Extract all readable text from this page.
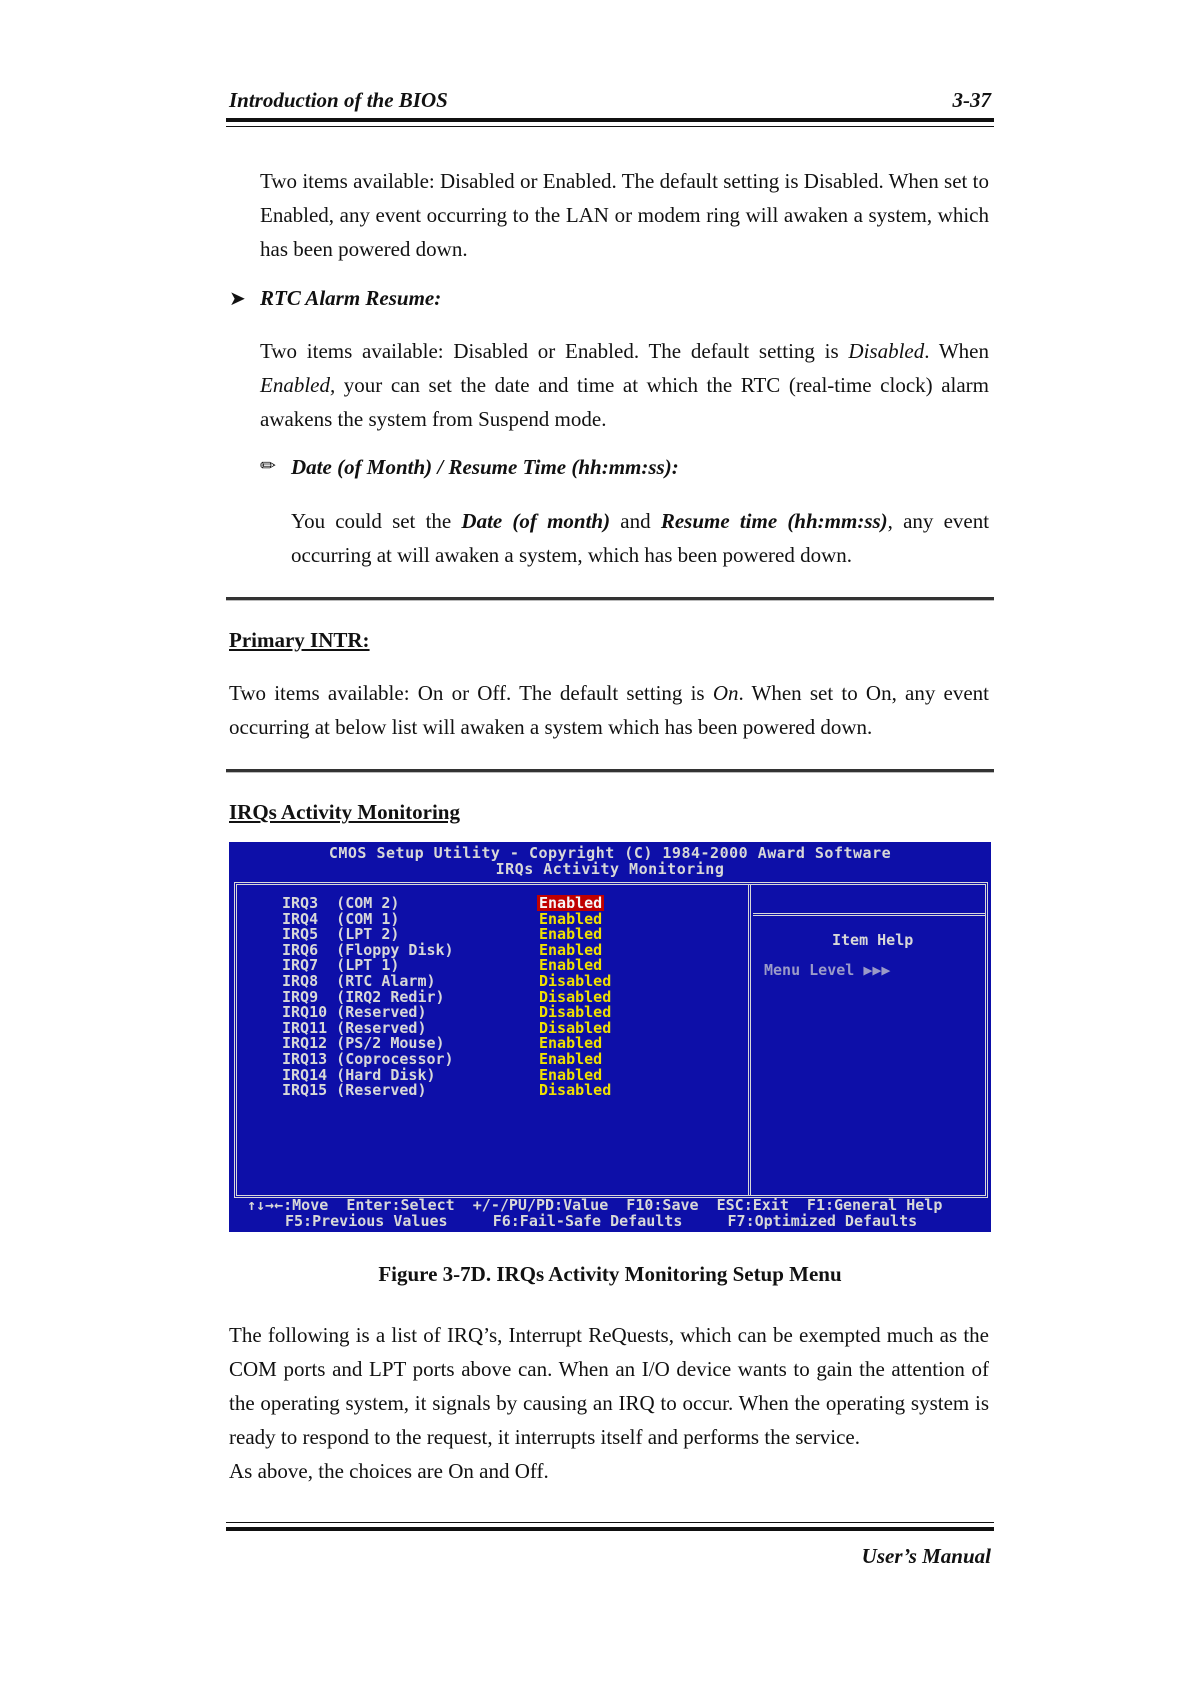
Introduction of the BIOS	3-37
Two items available: Disabled or Enabled. The default setting is Disabled. When set to Enabled, any event occurring to the LAN or modem ring will awaken a system, which has been powered down.
➤ RTC Alarm Resume:
Two items available: Disabled or Enabled. The default setting is Disabled. When Enabled, your can set the date and time at which the RTC (real-time clock) alarm awakens the system from Suspend mode.
✏ Date (of Month) / Resume Time (hh:mm:ss):
You could set the Date (of month) and Resume time (hh:mm:ss), any event occurring at will awaken a system, which has been powered down.
Primary INTR:
Two items available: On or Off. The default setting is On. When set to On, any event occurring at below list will awaken a system which has been powered down.
IRQs Activity Monitoring
CMOS Setup Utility - Copyright (C) 1984-2000 Award Software
IRQs Activity Monitoring
IRQ3  (COM 2)	Enabled
IRQ4  (COM 1)	Enabled
IRQ5  (LPT 2)	Enabled
IRQ6  (Floppy Disk)	Enabled
IRQ7  (LPT 1)	Enabled
IRQ8  (RTC Alarm)	Disabled
IRQ9  (IRQ2 Redir)	Disabled
IRQ10 (Reserved)	Disabled
IRQ11 (Reserved)	Disabled
IRQ12 (PS/2 Mouse)	Enabled
IRQ13 (Coprocessor)	Enabled
IRQ14 (Hard Disk)	Enabled
IRQ15 (Reserved)	Disabled
Item Help
Menu Level ▶▶▶
↑↓→←:Move  Enter:Select  +/-/PU/PD:Value  F10:Save  ESC:Exit  F1:General Help
F5:Previous Values     F6:Fail-Safe Defaults     F7:Optimized Defaults
Figure 3-7D. IRQs Activity Monitoring Setup Menu
The following is a list of IRQ’s, Interrupt ReQuests, which can be exempted much as the COM ports and LPT ports above can. When an I/O device wants to gain the attention of the operating system, it signals by causing an IRQ to occur. When the operating system is ready to respond to the request, it interrupts itself and performs the service.
As above, the choices are On and Off.
User’s Manual
